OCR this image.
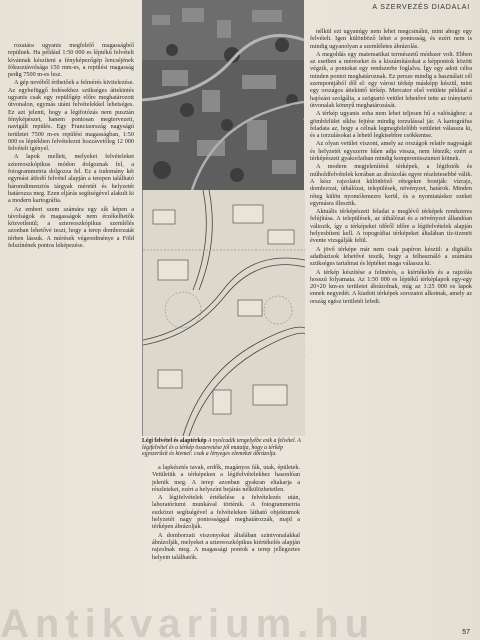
A SZERVEZÉS DIADALAI

rozatára ugyanis megfelelő magasságból repülnek. Ha például 1:50 000 es léptékű felvételt kívánnak készíteni a fényképezőgép lencséjének fókusztávolsága 150 mm-es, a repülési magasság pedig 7500 m-es lesz.

A gép nevéből érthetőek a felmérés kivitelezése. Az egybefüggő fedésekhez szükséges áttekintés ugyanis csak egy repülőgép előre meghatározott útvonalon, egymás utáni felvételekkel lehetséges. Ez azt jelenti, hogy a légifotózás nem pusztán fényképészet, hanem pontosan megtervezett, navigált repülés. Egy Franciaország nagyságú területet 7500 m-es repülési magasságban, 1:50 000 es léptékben felvételezni hozzávetőleg 12 000 felvételt igényel.

A lapok mellett, melyeket felvételeket sztereoszkópikus módon dolgoznak fel, a fotogrammetria dolgozza fel. Ez a tudomány két egymást átfedő felvétel alapján a terepen található háromdimenziós tárgyak méretét és helyzetét határozza meg. Ezen eljárás segítségével alakult ki a modern kartográfia.

Az emberi szem számára egy sík képen a távolságok és magasságok nem érzékelhetők közvetlenül; a sztereoszkópikus szemlélés azonban lehetővé teszi, hogy a terep domborzatát térben lássuk. A mérések végeredménye a Föld felszínének pontos leképezése.

Légi felvétel és alaptérkép A nyolcadik tengelyébe esik a felvétel. A légifelvétel és a térkép összevetése jól mutatja, hogy a térkép egyszerűsít és kiemel: csak a lényeges elemeket ábrázolja.

a lapkésztés tavak, erdők, magányos fák, utak, épületek. Vetületük a térképeken a légifelvételekhez hasonlóan jelenik meg. A terep azonban gyakran eltakarja a részleteket, ezért a helyszíni bejárás nélkülözhetetlen.

A légifelvételek értékelése a felvételezés után, laboratóriumi munkával történik. A fotogrammetria eszközei segítségével a felvételeken látható objektumok helyzetét nagy pontossággal meghatározzák, majd a térképen ábrázolják.

A domborzati viszonyokat általában szintvonalakkal ábrázolják, melyeket a sztereoszkópikus kiértékelés alapján rajzolnak meg. A magassági pontok a terep jellegzetes helyein találhatók.

nélkül ezt ugyanúgy nem lehet megcsinálni, mint ahogy egy felvételt. Igen különböző lehet a pontosság, és ezért nem is mindig ugyanolyan a szemléletes ábrázolás.

A megoldás egy matematikai természetű módszer volt. Ebben az esetben a méréseket és a kiszámításokat a képpontok között végzik, a pontokat egy rendszerbe foglalva. Így egy adott célra minden pontot meghatároznak. Ez persze mindig a használati cél szempontjából dől el: egy városi térkép másképp készül, mint egy országos áttekintő térkép. Mercator első vetülete például a hajózást szolgálta, a szögtartó vetület lehetővé tette az iránytartó útvonalak könnyű meghatározását.

A térkép ugyanis soha nem lehet teljesen hű a valósághoz: a gömbfelület síkba fejtése mindig torzulással jár. A kartográfus feladata az, hogy a célnak legmegfelelőbb vetületet válassza ki, és a torzulásokat a lehető legkisebbre csökkentse.

Az olyan vetület viszont, amely az országok relatív nagyságát és helyzetét egyszerre hűen adja vissza, nem létezik; ezért a térképészeti gyakorlatban mindig kompromisszumot kötnek.

A modern megjelenítésű térképek, a légifotók és műholdfelvételek korában az ábrázolás egyre részletesebbé válik. A kész rajzolatot különböző rétegekre bontják: vízrajz, domborzat, úthálózat, települések, növényzet, határok. Minden réteg külön nyomólemezre kerül, és a nyomtatáskor ezeket egymásra illesztik.

Aktuális térképészeti feladat a meglévő térképek rendszeres felújítása. A települések, az úthálózat és a növényzet állandóan változik, így a térképeket időről időre a légifelvételek alapján helyesbíteni kell. A topográfiai térképeket általában tíz-tizenöt évente vizsgálják felül.

A jövő térképe már nem csak papíron készül: a digitális adatbázisok lehetővé teszik, hogy a felhasználó a számára szükséges tartalmat és léptéket maga válassza ki.

A térkép készítése a felmérés, a kiértékelés és a rajzolás hosszú folyamata. Az 1:50 000 es léptékű térképlapok egy-egy 20×20 km-es területet ábrázolnak, míg az 1:25 000 es lapok ennek negyedét. A kiadott térképek sorozatot alkotnak, amely az ország egész területét lefedi.

Antikvarium.hu	57
